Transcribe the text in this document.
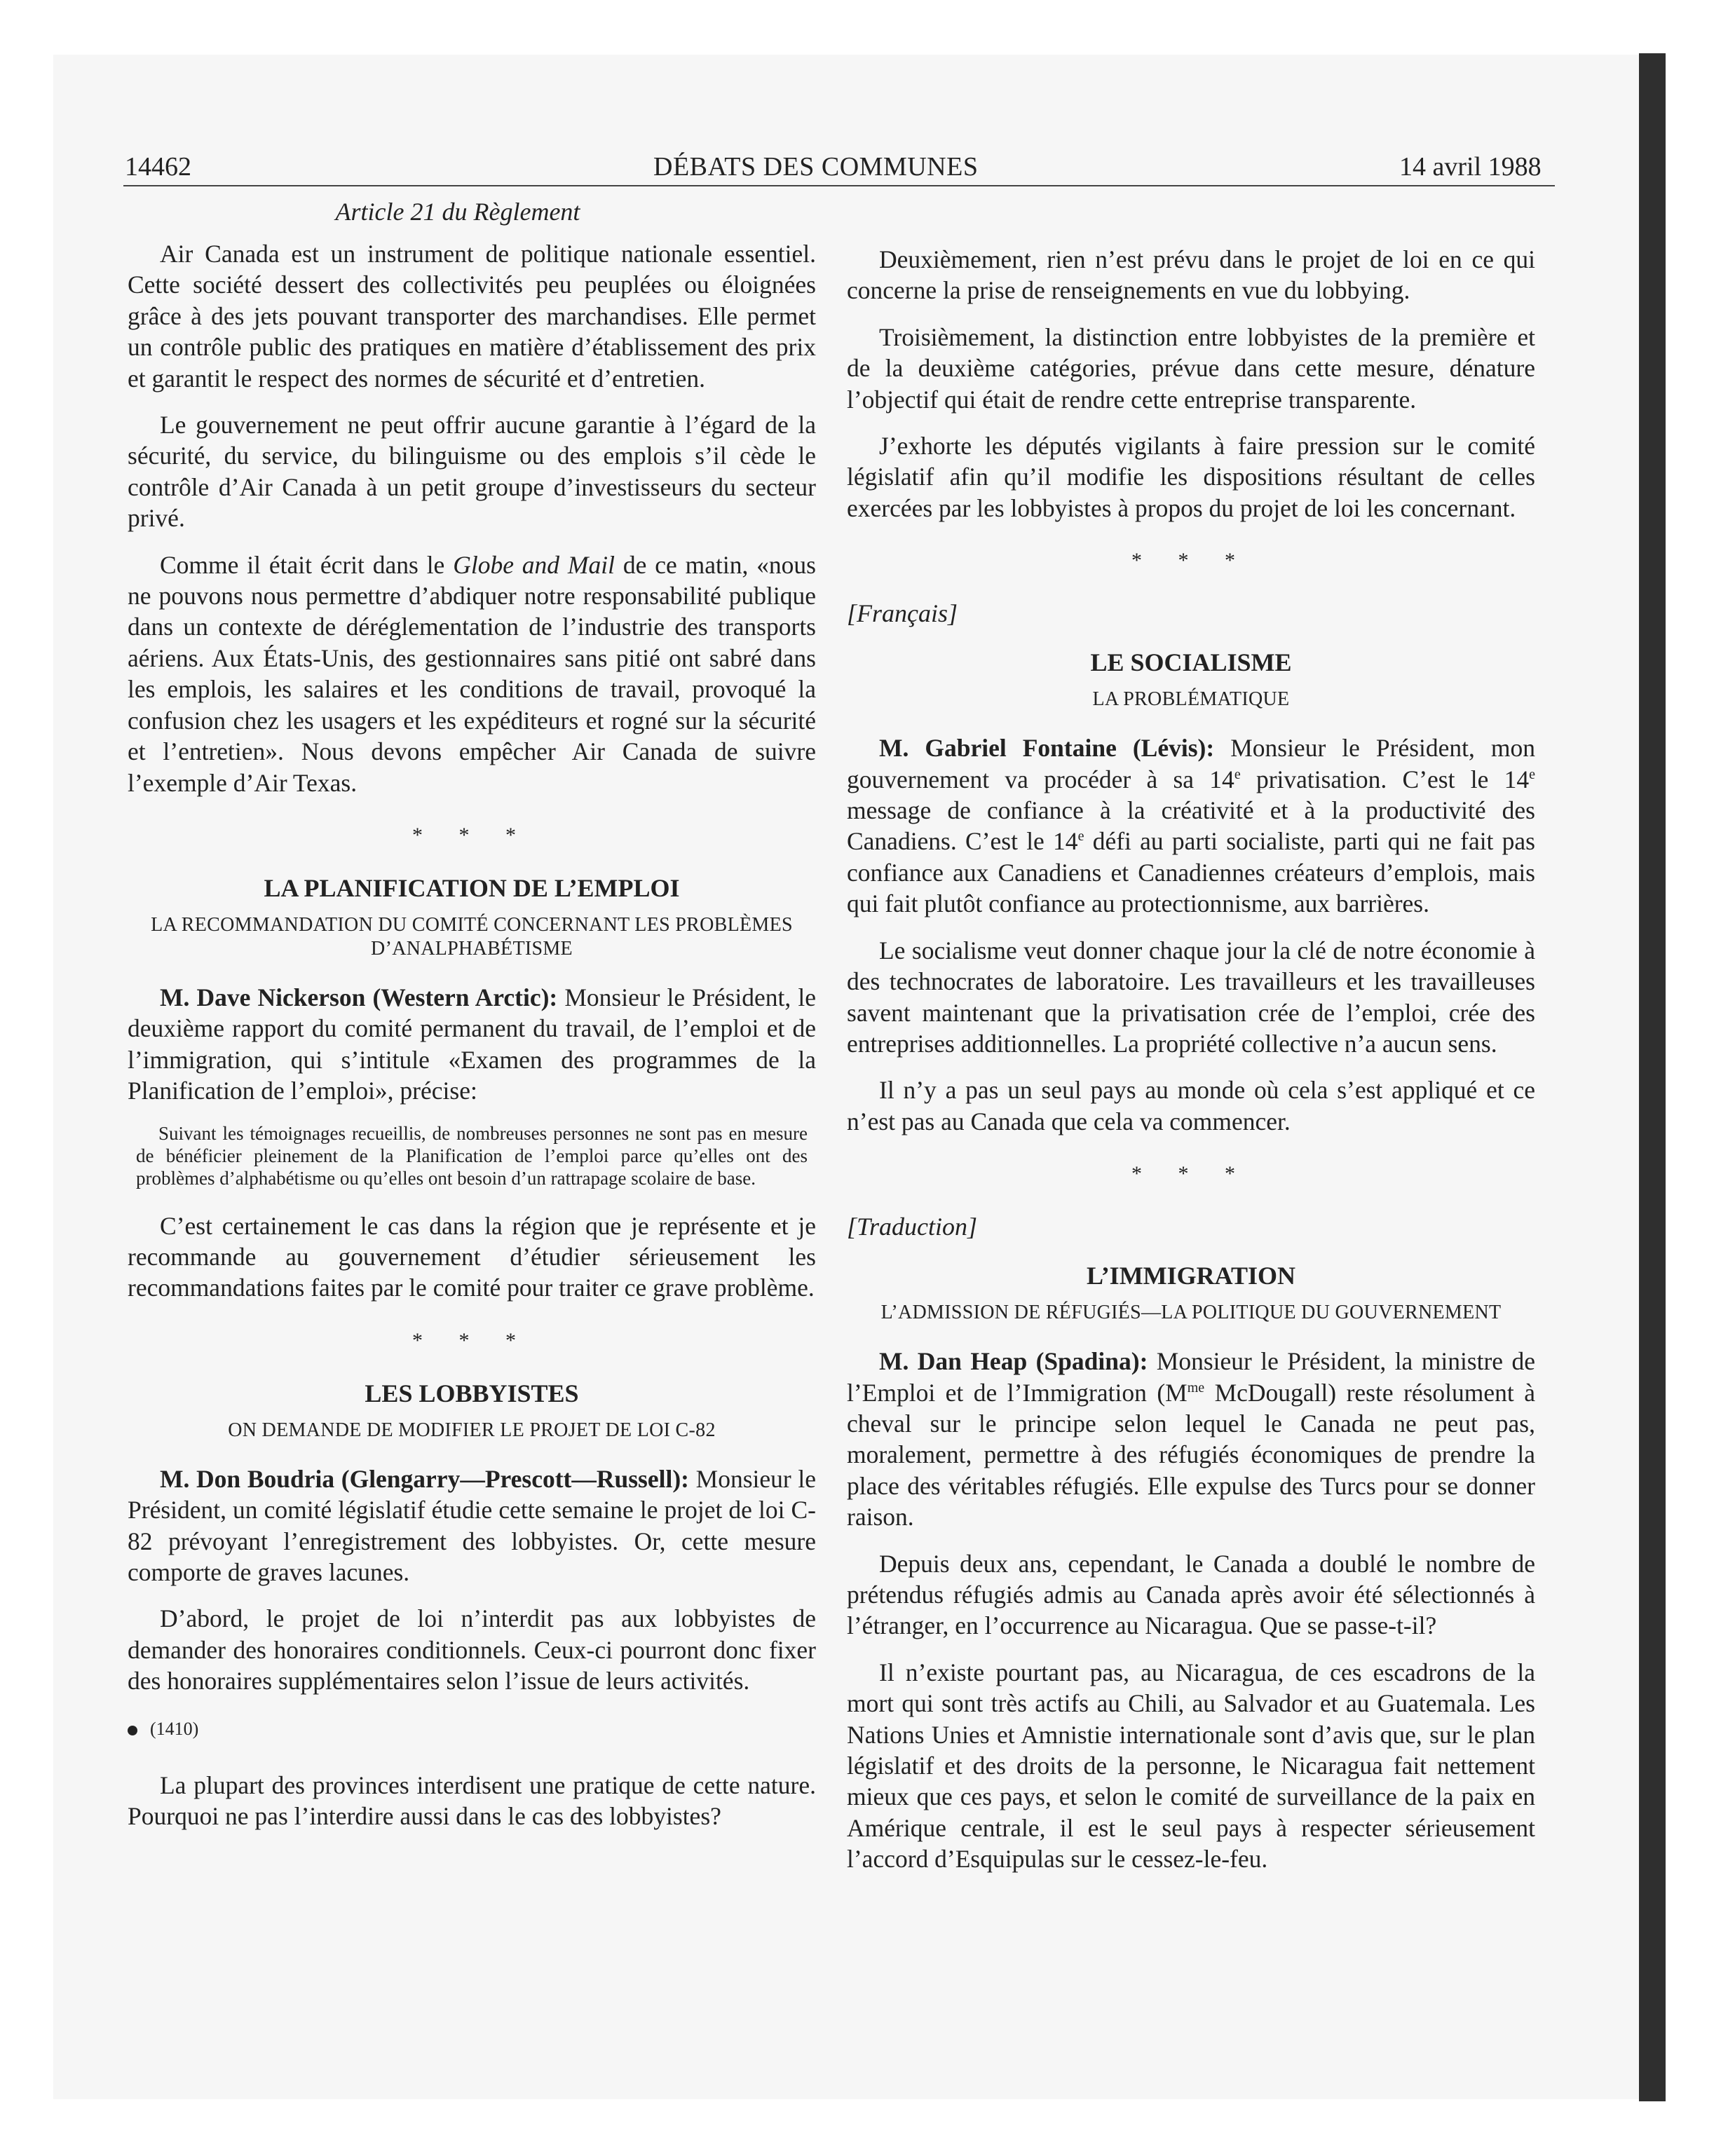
14462	DÉBATS DES COMMUNES	14 avril 1988
Article 21 du Règlement

Air Canada est un instrument de politique nationale essentiel. Cette société dessert des collectivités peu peuplées ou éloignées grâce à des jets pouvant transporter des marchandises. Elle permet un contrôle public des pratiques en matière d’établissement des prix et garantit le respect des normes de sécurité et d’entretien.

Le gouvernement ne peut offrir aucune garantie à l’égard de la sécurité, du service, du bilinguisme ou des emplois s’il cède le contrôle d’Air Canada à un petit groupe d’investisseurs du secteur privé.

Comme il était écrit dans le Globe and Mail de ce matin, «nous ne pouvons nous permettre d’abdiquer notre responsabilité publique dans un contexte de déréglementation de l’industrie des transports aériens. Aux États-Unis, des gestionnaires sans pitié ont sabré dans les emplois, les salaires et les conditions de travail, provoqué la confusion chez les usagers et les expéditeurs et rogné sur la sécurité et l’entretien». Nous devons empêcher Air Canada de suivre l’exemple d’Air Texas.

* * *
LA PLANIFICATION DE L’EMPLOI
LA RECOMMANDATION DU COMITÉ CONCERNANT LES PROBLÈMES D’ANALPHABÉTISME

M. Dave Nickerson (Western Arctic): Monsieur le Président, le deuxième rapport du comité permanent du travail, de l’emploi et de l’immigration, qui s’intitule «Examen des programmes de la Planification de l’emploi», précise:

Suivant les témoignages recueillis, de nombreuses personnes ne sont pas en mesure de bénéficier pleinement de la Planification de l’emploi parce qu’elles ont des problèmes d’alphabétisme ou qu’elles ont besoin d’un rattrapage scolaire de base.

C’est certainement le cas dans la région que je représente et je recommande au gouvernement d’étudier sérieusement les recommandations faites par le comité pour traiter ce grave problème.

* * *
LES LOBBYISTES
ON DEMANDE DE MODIFIER LE PROJET DE LOI C-82

M. Don Boudria (Glengarry—Prescott—Russell): Monsieur le Président, un comité législatif étudie cette semaine le projet de loi C-82 prévoyant l’enregistrement des lobbyistes. Or, cette mesure comporte de graves lacunes.

D’abord, le projet de loi n’interdit pas aux lobbyistes de demander des honoraires conditionnels. Ceux-ci pourront donc fixer des honoraires supplémentaires selon l’issue de leurs activités.

(1410)

La plupart des provinces interdisent une pratique de cette nature. Pourquoi ne pas l’interdire aussi dans le cas des lobbyistes?

Deuxièmement, rien n’est prévu dans le projet de loi en ce qui concerne la prise de renseignements en vue du lobbying.

Troisièmement, la distinction entre lobbyistes de la première et de la deuxième catégories, prévue dans cette mesure, dénature l’objectif qui était de rendre cette entreprise transparente.

J’exhorte les députés vigilants à faire pression sur le comité législatif afin qu’il modifie les dispositions résultant de celles exercées par les lobbyistes à propos du projet de loi les concernant.

* * *
[Français]
LE SOCIALISME
LA PROBLÉMATIQUE

M. Gabriel Fontaine (Lévis): Monsieur le Président, mon gouvernement va procéder à sa 14e privatisation. C’est le 14e message de confiance à la créativité et à la productivité des Canadiens. C’est le 14e défi au parti socialiste, parti qui ne fait pas confiance aux Canadiens et Canadiennes créateurs d’emplois, mais qui fait plutôt confiance au protectionnisme, aux barrières.

Le socialisme veut donner chaque jour la clé de notre économie à des technocrates de laboratoire. Les travailleurs et les travailleuses savent maintenant que la privatisation crée de l’emploi, crée des entreprises additionnelles. La propriété collective n’a aucun sens.

Il n’y a pas un seul pays au monde où cela s’est appliqué et ce n’est pas au Canada que cela va commencer.

* * *
[Traduction]
L’IMMIGRATION
L’ADMISSION DE RÉFUGIÉS—LA POLITIQUE DU GOUVERNEMENT

M. Dan Heap (Spadina): Monsieur le Président, la ministre de l’Emploi et de l’Immigration ($M^{me}$ McDougall) reste résolument à cheval sur le principe selon lequel le Canada ne peut pas, moralement, permettre à des réfugiés économiques de prendre la place des véritables réfugiés. Elle expulse des Turcs pour se donner raison.

Depuis deux ans, cependant, le Canada a doublé le nombre de prétendus réfugiés admis au Canada après avoir été sélectionnés à l’étranger, en l’occurrence au Nicaragua. Que se passe-t-il?

Il n’existe pourtant pas, au Nicaragua, de ces escadrons de la mort qui sont très actifs au Chili, au Salvador et au Guatemala. Les Nations Unies et Amnistie internationale sont d’avis que, sur le plan législatif et des droits de la personne, le Nicaragua fait nettement mieux que ces pays, et selon le comité de surveillance de la paix en Amérique centrale, il est le seul pays à respecter sérieusement l’accord d’Esquipulas sur le cessez-le-feu.
